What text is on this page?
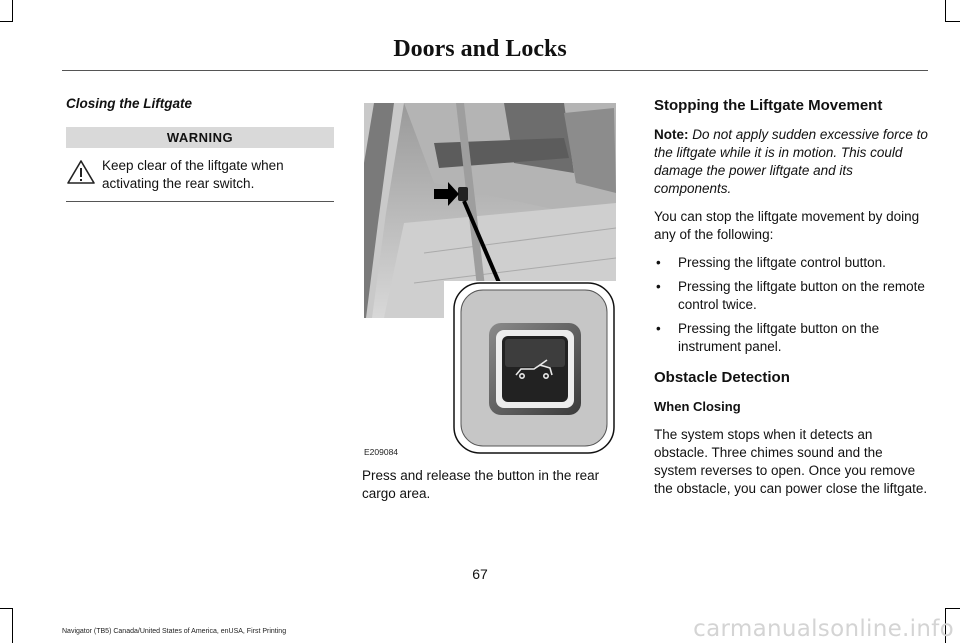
Doors and Locks

Closing the Liftgate

WARNING
Keep clear of the liftgate when activating the rear switch.
E209084

Press and release the button in the rear cargo area.

Stopping the Liftgate Movement

Note: Do not apply sudden excessive force to the liftgate while it is in motion. This could damage the power liftgate and its components.

You can stop the liftgate movement by doing any of the following:

• Pressing the liftgate control button.
• Pressing the liftgate button on the remote control twice.
• Pressing the liftgate button on the instrument panel.
Obstacle Detection
When Closing

The system stops when it detects an obstacle. Three chimes sound and the system reverses to open. Once you remove the obstacle, you can power close the liftgate.

67
Navigator (TB5) Canada/United States of America, enUSA, First Printing	carmanualsonline.info
